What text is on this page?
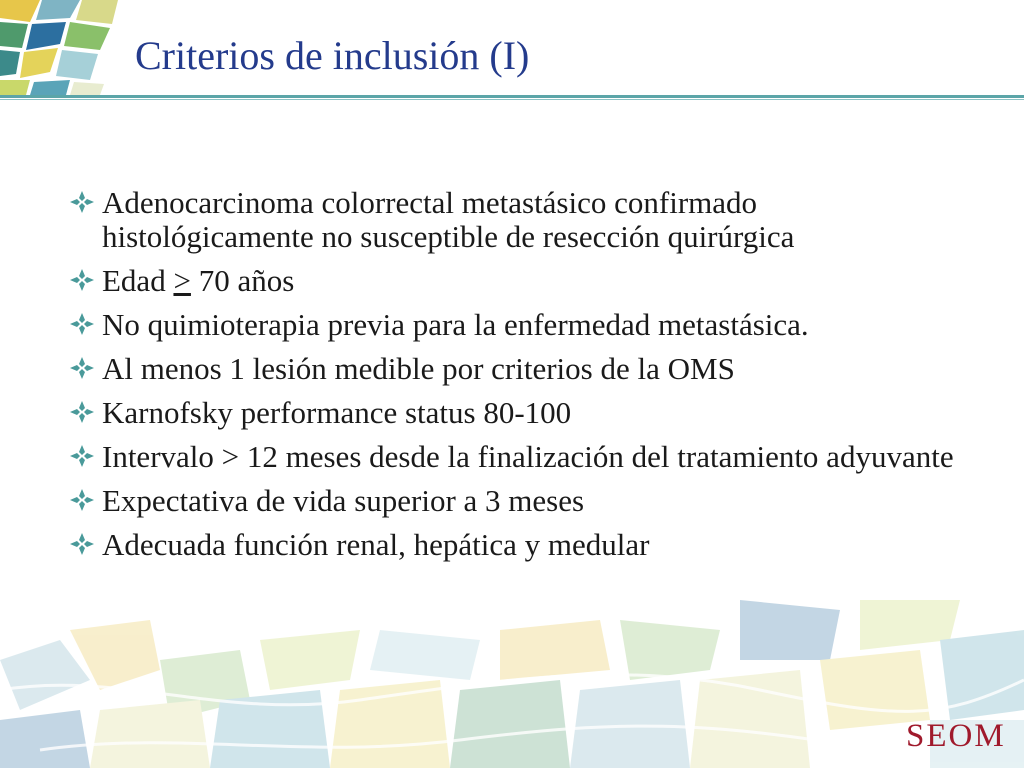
Criterios de inclusión (I)
Adenocarcinoma colorrectal metastásico confirmado histológicamente no susceptible de resección quirúrgica
Edad ≥ 70 años
No quimioterapia previa para la enfermedad metastásica.
Al menos 1 lesión medible por criterios de la OMS
Karnofsky performance status 80-100
Intervalo > 12 meses desde la finalización del tratamiento adyuvante
Expectativa de vida superior a 3 meses
Adecuada función renal, hepática y medular
SEOM
